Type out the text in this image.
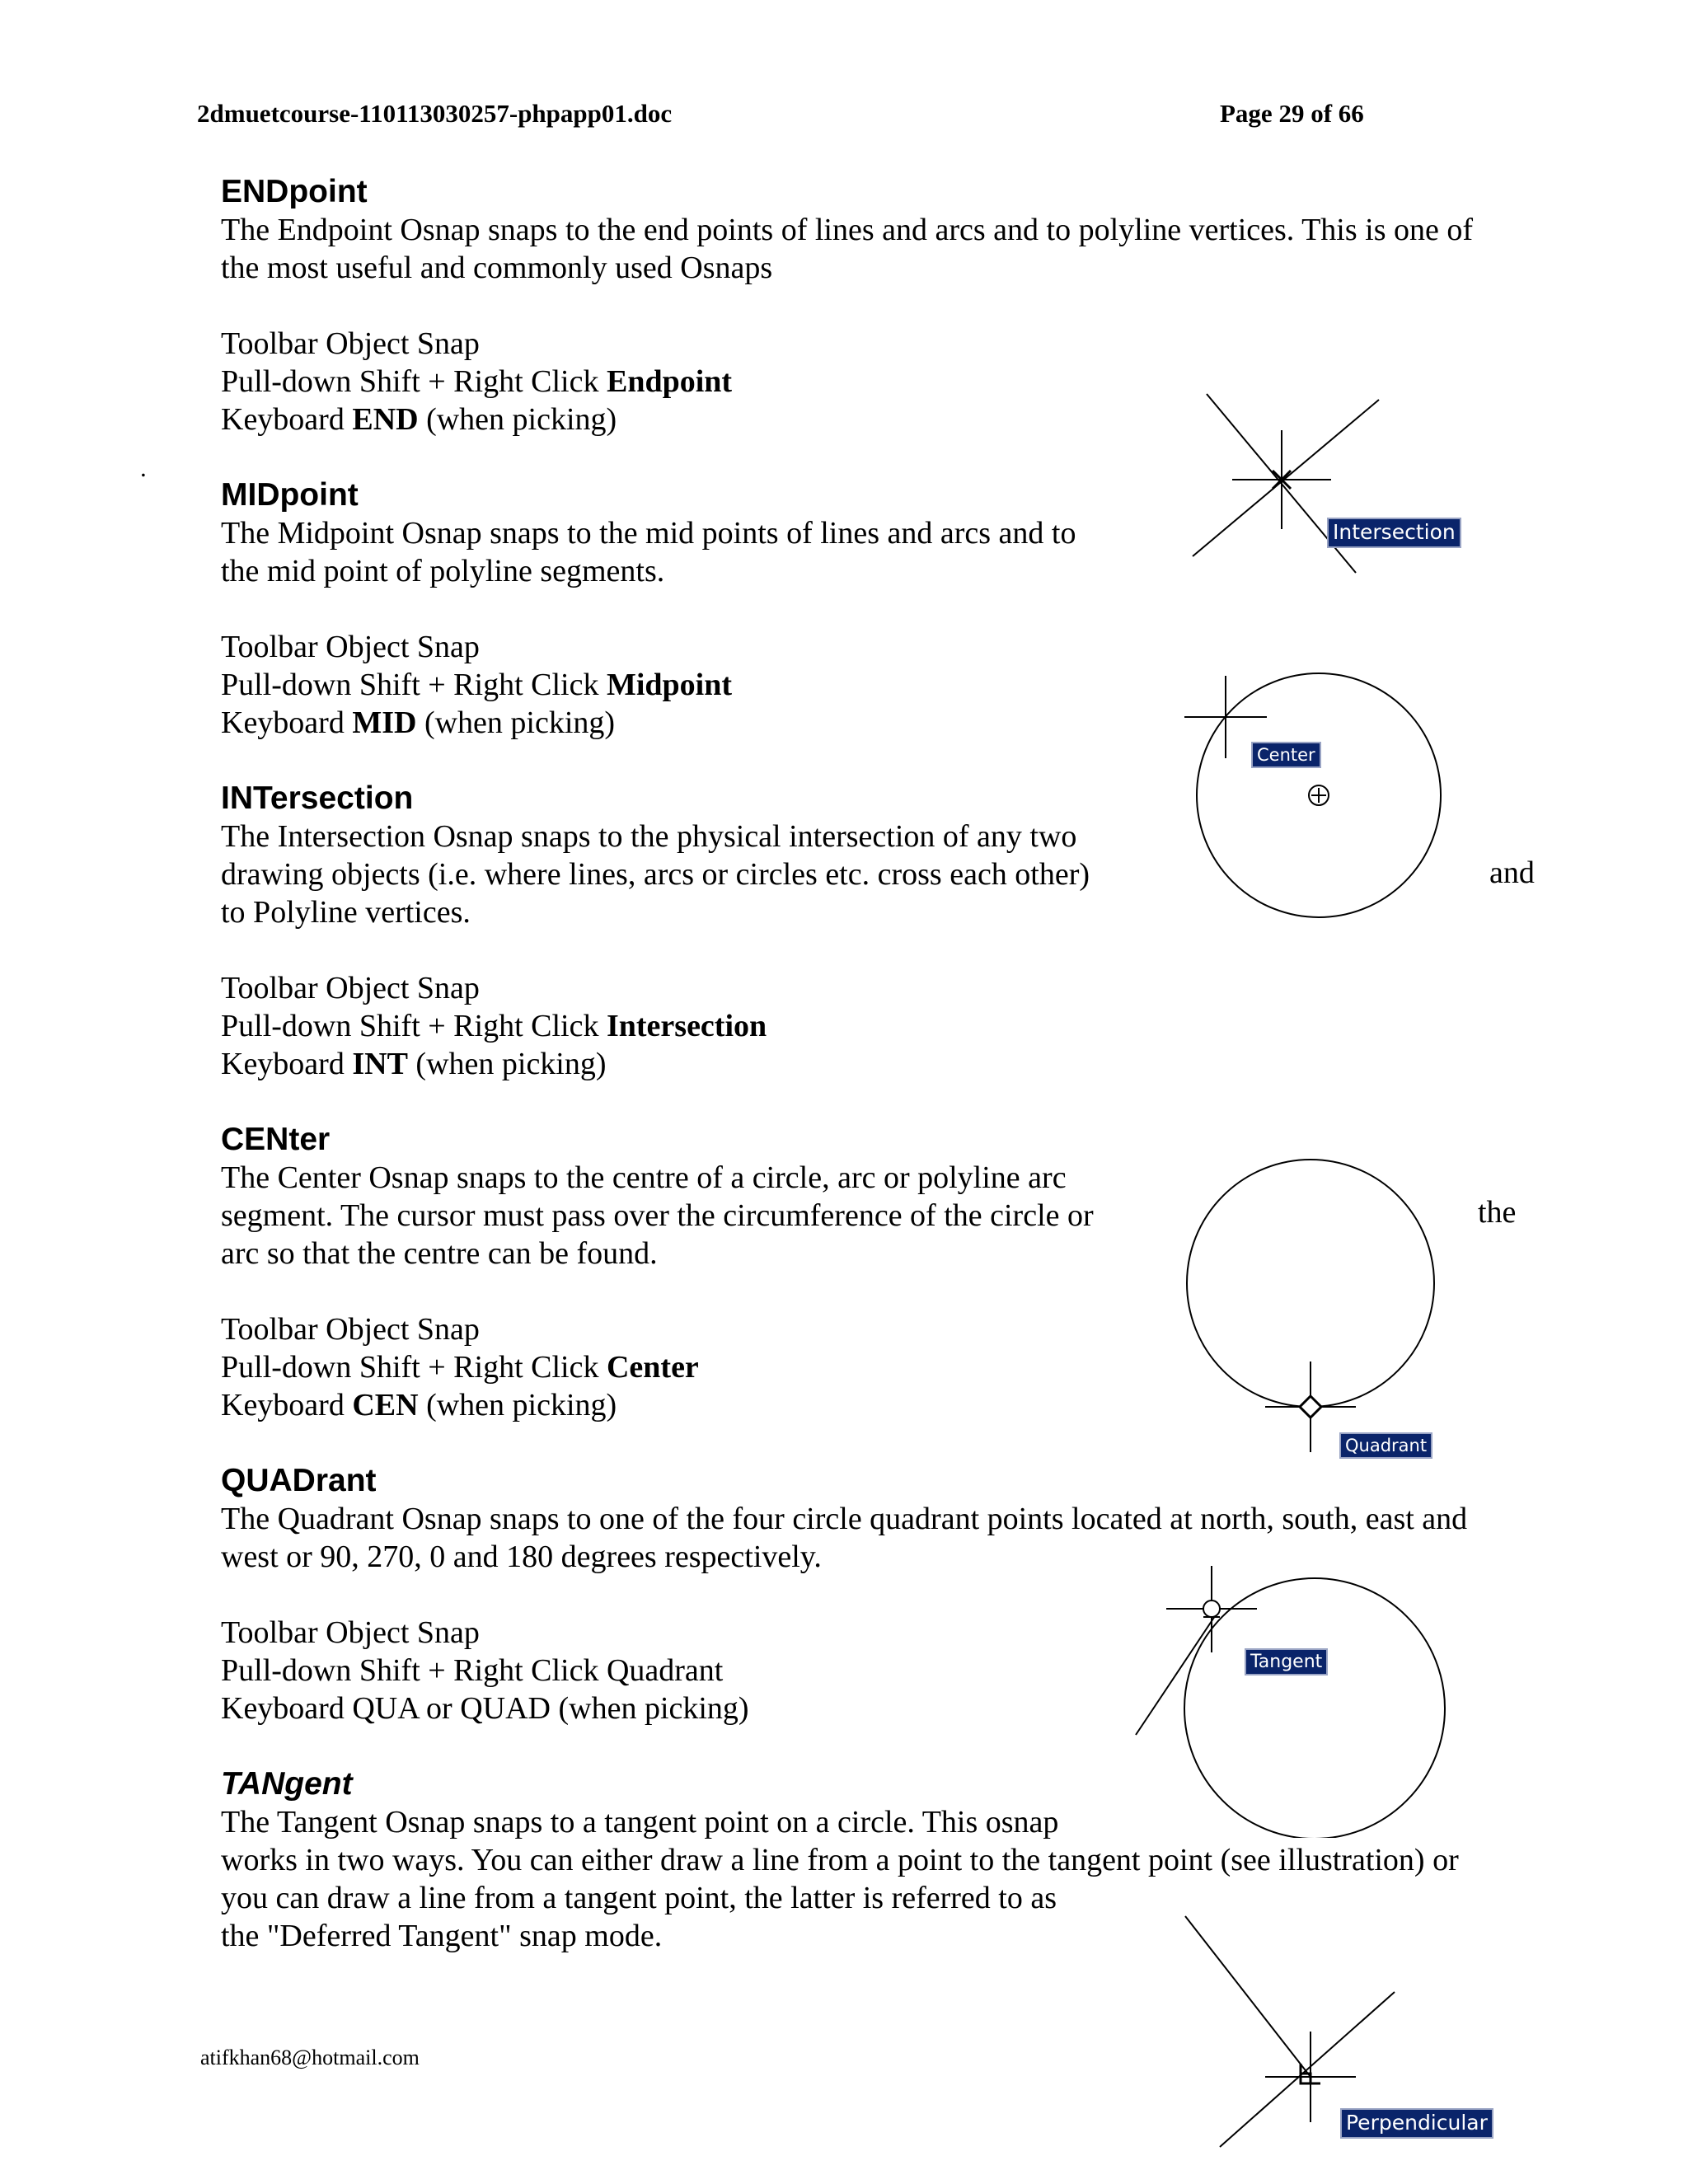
2dmuetcourse-110113030257-phpapp01.doc	Page 29 of 66
.
ENDpoint
The Endpoint Osnap snaps to the end points of lines and arcs and to polyline vertices. This is one of
the most useful and commonly used Osnaps
Toolbar Object Snap
Pull-down Shift + Right Click Endpoint
Keyboard END (when picking)
MIDpoint
The Midpoint Osnap snaps to the mid points of lines and arcs and to
the mid point of polyline segments.
Toolbar Object Snap
Pull-down Shift + Right Click Midpoint
Keyboard MID (when picking)
INTersection
The Intersection Osnap snaps to the physical intersection of any two
drawing objects (i.e. where lines, arcs or circles etc. cross each other)
to Polyline vertices.
Toolbar Object Snap
Pull-down Shift + Right Click Intersection
Keyboard INT (when picking)
CENter
The Center Osnap snaps to the centre of a circle, arc or polyline arc
segment. The cursor must pass over the circumference of the circle or
arc so that the centre can be found.
Toolbar Object Snap
Pull-down Shift + Right Click Center
Keyboard CEN (when picking)
QUADrant
The Quadrant Osnap snaps to one of the four circle quadrant points located at north, south, east and
west or 90, 270, 0 and 180 degrees respectively.
Toolbar Object Snap
Pull-down Shift + Right Click Quadrant
Keyboard QUA or QUAD (when picking)
TANgent
The Tangent Osnap snaps to a tangent point on a circle. This osnap
works in two ways. You can either draw a line from a point to the tangent point (see illustration) or
you can draw a line from a tangent point, the latter is referred to as
the "Deferred Tangent" snap mode.
and
the
Intersection
Center
Quadrant
Tangent
Perpendicular
atifkhan68@hotmail.com
